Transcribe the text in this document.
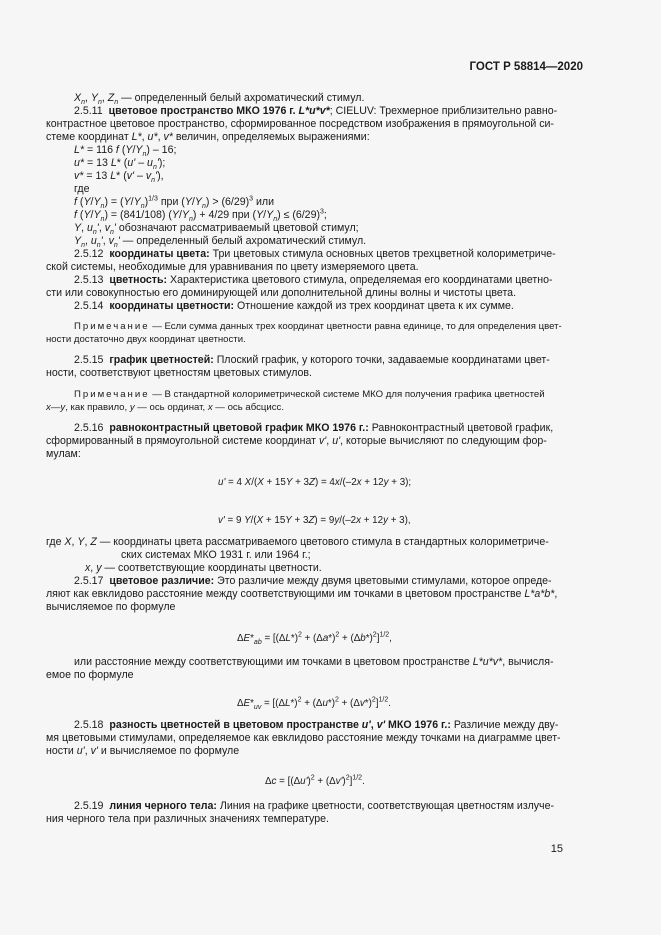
ГОСТ Р 58814—2020
$X_n$, $Y_n$, $Z_n$ — определенный белый ахроматический стимул.
2.5.11 цветовое пространство МКО 1976 г. L*u*v*; CIELUV: Трехмерное приблизительно равно-
контрастное цветовое пространство, сформированное посредством изображения в прямоугольной си-
стеме координат L*, u*, v* величин, определяемых выражениями:
L* = 116 f $(Y/Y_n) - 16$;
u* = 13 L* $(u' - u_n')$;
v* = 13 L* $(v' - v_n')$,
где
f $(Y/Y_n) = (Y/Y_n)^{1/3}$ при $(Y/Y_n) > (6/29)^3$ или
f $(Y/Y_n) = (841/108) (Y/Y_n) + 4/29$ при $(Y/Y_n) \le (6/29)^3$;
Y, $u_n'$, $v_n'$ обозначают рассматриваемый цветовой стимул;
$Y_n$, $u_n'$, $v_n'$ — определенный белый ахроматический стимул.
2.5.12 координаты цвета: Три цветовых стимула основных цветов трехцветной колориметриче-
ской системы, необходимые для уравнивания по цвету измеряемого цвета.
2.5.13 цветность: Характеристика цветового стимула, определяемая его координатами цветно-
сти или совокупностью его доминирующей или дополнительной длины волны и чистоты цвета.
2.5.14 координаты цветности: Отношение каждой из трех координат цвета к их сумме.
Примечание — Если сумма данных трех координат цветности равна единице, то для определения цвет-
ности достаточно двух координат цветности.
2.5.15 график цветностей: Плоский график, у которого точки, задаваемые координатами цвет-
ности, соответствуют цветностям цветовых стимулов.
Примечание — В стандартной колориметрической системе МКО для получения графика цветностей
x—y, как правило, y — ось ординат, x — ось абсцисс.
2.5.16 равноконтрастный цветовой график МКО 1976 г.: Равноконтрастный цветовой график,
сформированный в прямоугольной системе координат v', u', которые вычисляют по следующим фор-
мулам:
u' = 4 X/(X + 15Y + 3Z) = 4x/(–2x + 12y + 3);
v' = 9 Y/(X + 15Y + 3Z) = 9y/(–2x + 12y + 3),
где X, Y, Z — координаты цвета рассматриваемого цветового стимула в стандартных колориметриче-
ских системах МКО 1931 г. или 1964 г.;
x, y — соответствующие координаты цветности.
2.5.17 цветовое различие: Это различие между двумя цветовыми стимулами, которое опреде-
ляют как евклидово расстояние между соответствующими им точками в цветовом пространстве L*a*b*,
вычисляемое по формуле
$\Delta E*_{ab} = [(\Delta L*)^2 + (\Delta a*)^2 + (\Delta b*)^2]^{1/2}$,
или расстояние между соответствующими им точками в цветовом пространстве L*u*v*, вычисля-
емое по формуле
$\Delta E*_{uv} = [(\Delta L*)^2 + (\Delta u*)^2 + (\Delta v*)^2]^{1/2}$.
2.5.18 разность цветностей в цветовом пространстве u', v' МКО 1976 г.: Различие между дву-
мя цветовыми стимулами, определяемое как евклидово расстояние между точками на диаграмме цвет-
ности u', v' и вычисляемое по формуле
$\Delta c = [(\Delta u')^2 + (\Delta v')^2]^{1/2}$.
2.5.19 линия черного тела: Линия на графике цветности, соответствующая цветностям излуче-
ния черного тела при различных значениях температуре.
15
